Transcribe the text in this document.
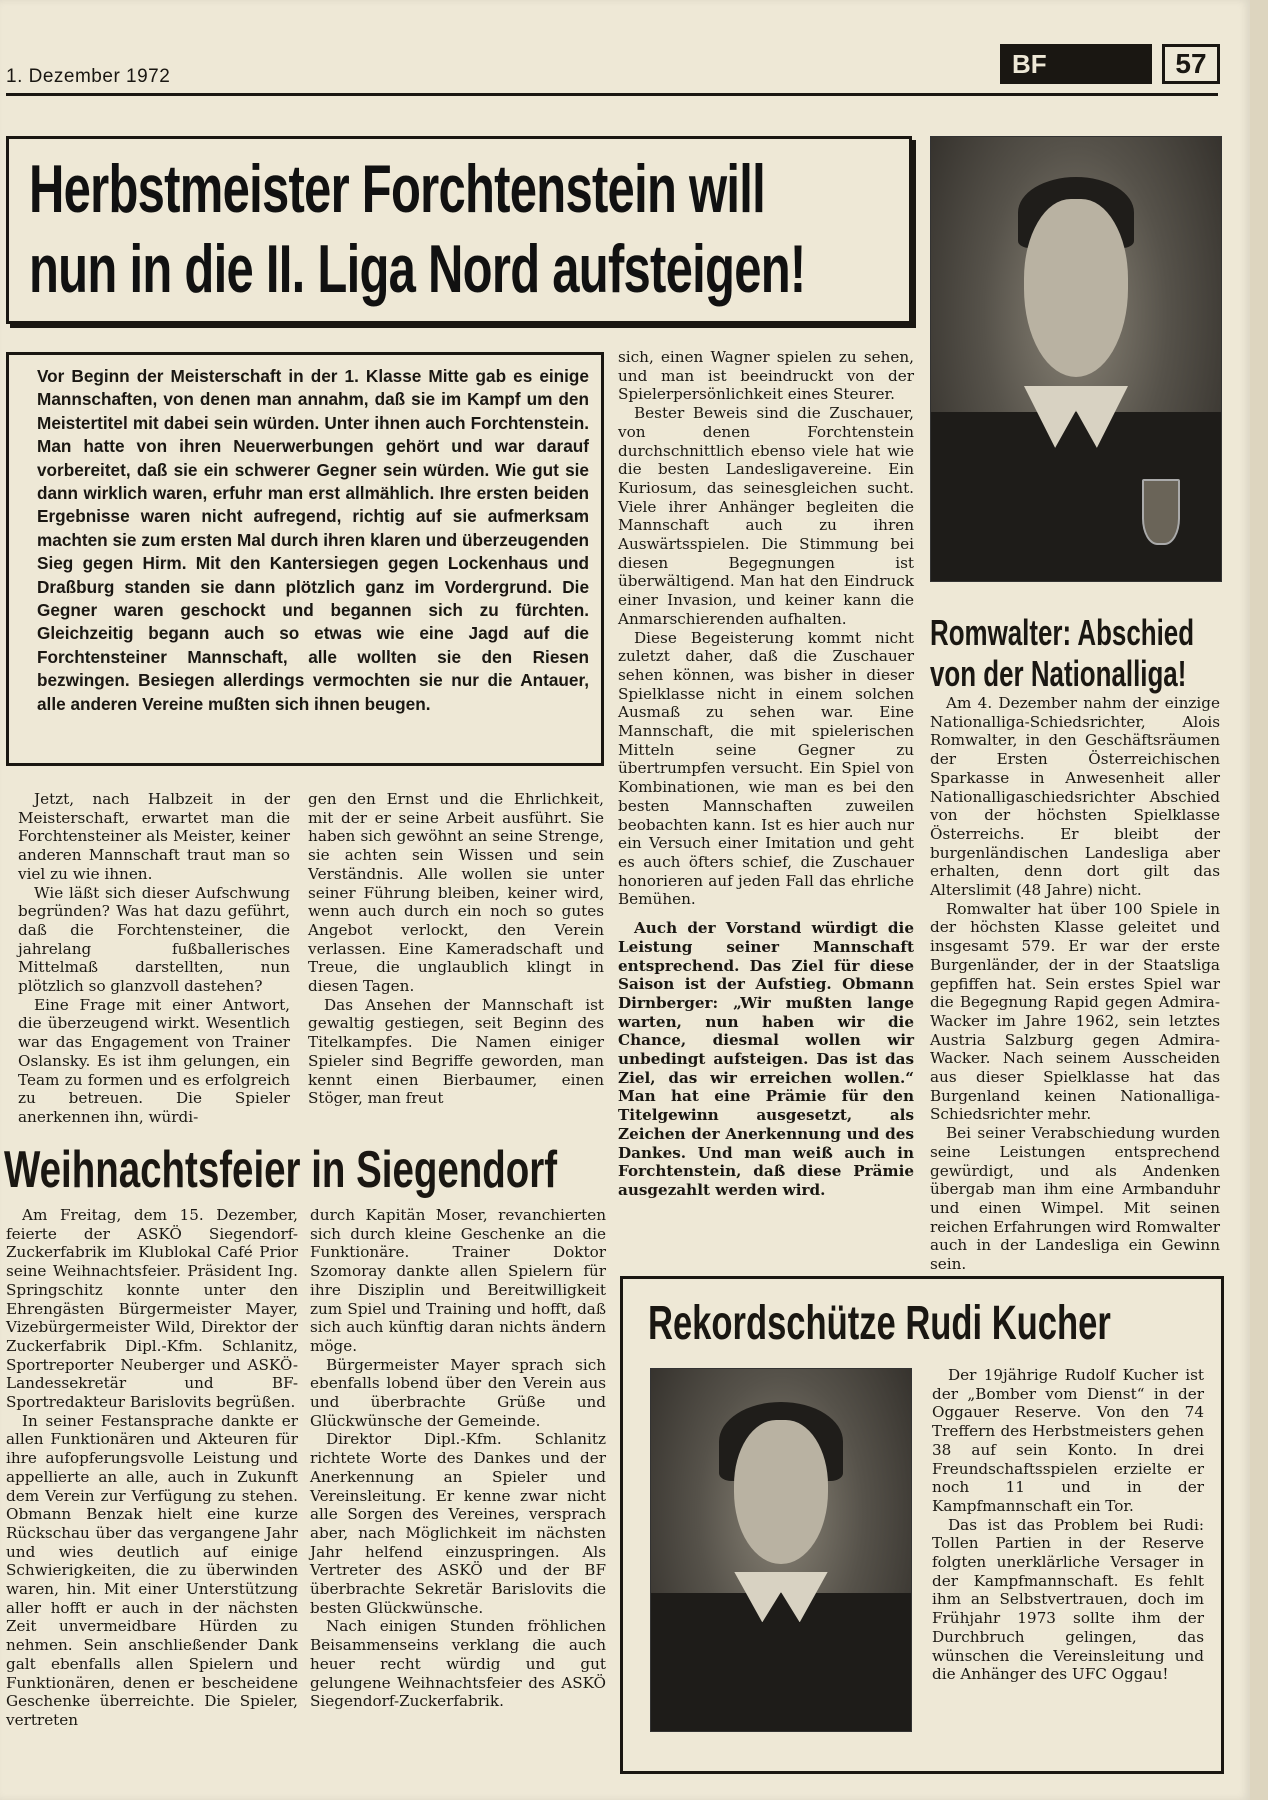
1. Dezember 1972	BF	57
Herbstmeister Forchtenstein will
nun in die II. Liga Nord aufsteigen!
Vor Beginn der Meisterschaft in der 1. Klasse Mitte gab es einige Mannschaften, von denen man annahm, daß sie im Kampf um den Meistertitel mit dabei sein würden. Unter ihnen auch Forchtenstein. Man hatte von ihren Neuerwerbungen gehört und war darauf vorbereitet, daß sie ein schwerer Gegner sein würden. Wie gut sie dann wirklich waren, erfuhr man erst allmählich. Ihre ersten beiden Ergebnisse waren nicht aufregend, richtig auf sie aufmerksam machten sie zum ersten Mal durch ihren klaren und überzeugenden Sieg gegen Hirm. Mit den Kantersiegen gegen Lockenhaus und Draßburg standen sie dann plötzlich ganz im Vordergrund. Die Gegner waren geschockt und begannen sich zu fürchten. Gleichzeitig begann auch so etwas wie eine Jagd auf die Forchtensteiner Mannschaft, alle wollten sie den Riesen bezwingen. Besiegen allerdings vermochten sie nur die Antauer, alle anderen Vereine mußten sich ihnen beugen.

Jetzt, nach Halbzeit in der Meisterschaft, erwartet man die Forchtensteiner als Meister, keiner anderen Mannschaft traut man so viel zu wie ihnen.

Wie läßt sich dieser Aufschwung begründen? Was hat dazu geführt, daß die Forchtensteiner, die jahrelang fußballerisches Mittelmaß darstellten, nun plötzlich so glanzvoll dastehen?

Eine Frage mit einer Antwort, die überzeugend wirkt. Wesentlich war das Engagement von Trainer Oslansky. Es ist ihm gelungen, ein Team zu formen und es erfolgreich zu betreuen. Die Spieler anerkennen ihn, würdi-

gen den Ernst und die Ehrlichkeit, mit der er seine Arbeit ausführt. Sie haben sich gewöhnt an seine Strenge, sie achten sein Wissen und sein Verständnis. Alle wollen sie unter seiner Führung bleiben, keiner wird, wenn auch durch ein noch so gutes Angebot verlockt, den Verein verlassen. Eine Kameradschaft und Treue, die unglaublich klingt in diesen Tagen.

Das Ansehen der Mannschaft ist gewaltig gestiegen, seit Beginn des Titelkampfes. Die Namen einiger Spieler sind Begriffe geworden, man kennt einen Bierbaumer, einen Stöger, man freut

sich, einen Wagner spielen zu sehen, und man ist beeindruckt von der Spielerpersönlichkeit eines Steurer.

Bester Beweis sind die Zuschauer, von denen Forchtenstein durchschnittlich ebenso viele hat wie die besten Landesligavereine. Ein Kuriosum, das seinesgleichen sucht. Viele ihrer Anhänger begleiten die Mannschaft auch zu ihren Auswärtsspielen. Die Stimmung bei diesen Begegnungen ist überwältigend. Man hat den Eindruck einer Invasion, und keiner kann die Anmarschierenden aufhalten.

Diese Begeisterung kommt nicht zuletzt daher, daß die Zuschauer sehen können, was bisher in dieser Spielklasse nicht in einem solchen Ausmaß zu sehen war. Eine Mannschaft, die mit spielerischen Mitteln seine Gegner zu übertrumpfen versucht. Ein Spiel von Kombinationen, wie man es bei den besten Mannschaften zuweilen beobachten kann. Ist es hier auch nur ein Versuch einer Imitation und geht es auch öfters schief, die Zuschauer honorieren auf jeden Fall das ehrliche Bemühen.

Auch der Vorstand würdigt die Leistung seiner Mannschaft entsprechend. Das Ziel für diese Saison ist der Aufstieg. Obmann Dirnberger: „Wir mußten lange warten, nun haben wir die Chance, diesmal wollen wir unbedingt aufsteigen. Das ist das Ziel, das wir erreichen wollen.“ Man hat eine Prämie für den Titelgewinn ausgesetzt, als Zeichen der Anerkennung und des Dankes. Und man weiß auch in Forchtenstein, daß diese Prämie ausgezahlt werden wird.

Romwalter: Abschied
von der Nationalliga!

Am 4. Dezember nahm der einzige Nationalliga-Schiedsrichter, Alois Romwalter, in den Geschäftsräumen der Ersten Österreichischen Sparkasse in Anwesenheit aller Nationalligaschiedsrichter Abschied von der höchsten Spielklasse Österreichs. Er bleibt der burgenländischen Landesliga aber erhalten, denn dort gilt das Alterslimit (48 Jahre) nicht.

Romwalter hat über 100 Spiele in der höchsten Klasse geleitet und insgesamt 579. Er war der erste Burgenländer, der in der Staatsliga gepfiffen hat. Sein erstes Spiel war die Begegnung Rapid gegen Admira-Wacker im Jahre 1962, sein letztes Austria Salzburg gegen Admira-Wacker. Nach seinem Ausscheiden aus dieser Spielklasse hat das Burgenland keinen Nationalliga-Schiedsrichter mehr.

Bei seiner Verabschiedung wurden seine Leistungen entsprechend gewürdigt, und als Andenken übergab man ihm eine Armbanduhr und einen Wimpel. Mit seinen reichen Erfahrungen wird Romwalter auch in der Landesliga ein Gewinn sein.

Weihnachtsfeier in Siegendorf

Am Freitag, dem 15. Dezember, feierte der ASKÖ Siegendorf-Zuckerfabrik im Klublokal Café Prior seine Weihnachtsfeier. Präsident Ing. Springschitz konnte unter den Ehrengästen Bürgermeister Mayer, Vizebürgermeister Wild, Direktor der Zuckerfabrik Dipl.-Kfm. Schlanitz, Sportreporter Neuberger und ASKÖ-Landessekretär und BF-Sportredakteur Barislovits begrüßen.

In seiner Festansprache dankte er allen Funktionären und Akteuren für ihre aufopferungsvolle Leistung und appellierte an alle, auch in Zukunft dem Verein zur Verfügung zu stehen. Obmann Benzak hielt eine kurze Rückschau über das vergangene Jahr und wies deutlich auf einige Schwierigkeiten, die zu überwinden waren, hin. Mit einer Unterstützung aller hofft er auch in der nächsten Zeit unvermeidbare Hürden zu nehmen. Sein anschließender Dank galt ebenfalls allen Spielern und Funktionären, denen er bescheidene Geschenke überreichte. Die Spieler, vertreten

durch Kapitän Moser, revanchierten sich durch kleine Geschenke an die Funktionäre. Trainer Doktor Szomoray dankte allen Spielern für ihre Disziplin und Bereitwilligkeit zum Spiel und Training und hofft, daß sich auch künftig daran nichts ändern möge.

Bürgermeister Mayer sprach sich ebenfalls lobend über den Verein aus und überbrachte Grüße und Glückwünsche der Gemeinde.

Direktor Dipl.-Kfm. Schlanitz richtete Worte des Dankes und der Anerkennung an Spieler und Vereinsleitung. Er kenne zwar nicht alle Sorgen des Vereines, versprach aber, nach Möglichkeit im nächsten Jahr helfend einzuspringen. Als Vertreter des ASKÖ und der BF überbrachte Sekretär Barislovits die besten Glückwünsche.

Nach einigen Stunden fröhlichen Beisammenseins verklang die auch heuer recht würdig und gut gelungene Weihnachtsfeier des ASKÖ Siegendorf-Zuckerfabrik.

Rekordschütze Rudi Kucher

Der 19jährige Rudolf Kucher ist der „Bomber vom Dienst“ in der Oggauer Reserve. Von den 74 Treffern des Herbstmeisters gehen 38 auf sein Konto. In drei Freundschaftsspielen erzielte er noch 11 und in der Kampfmannschaft ein Tor.

Das ist das Problem bei Rudi: Tollen Partien in der Reserve folgten unerklärliche Versager in der Kampfmannschaft. Es fehlt ihm an Selbstvertrauen, doch im Frühjahr 1973 sollte ihm der Durchbruch gelingen, das wünschen die Vereinsleitung und die Anhänger des UFC Oggau!
